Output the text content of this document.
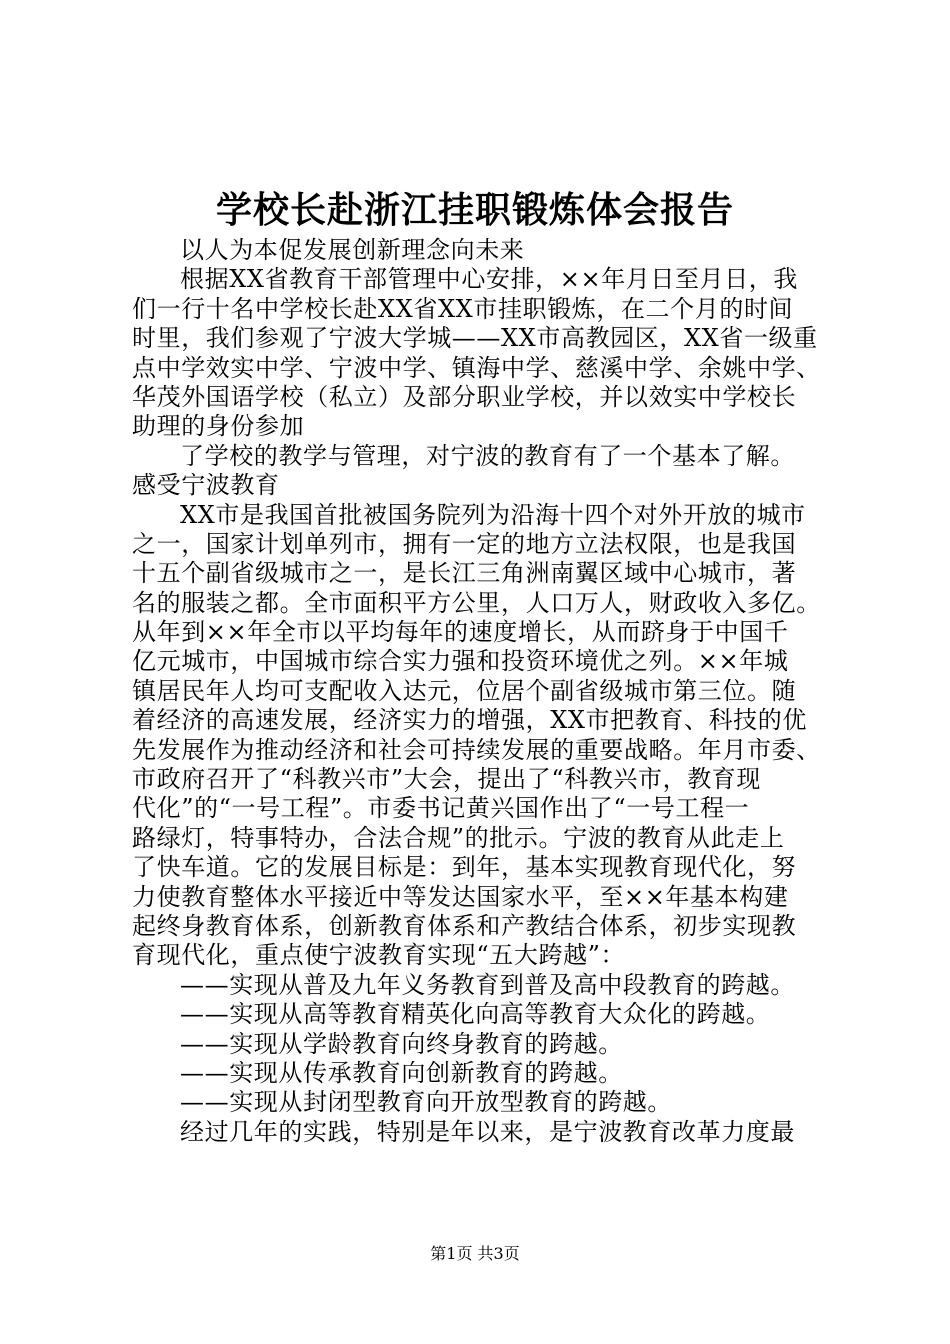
学校长赴浙江挂职锻炼体会报告
以人为本促发展创新理念向未来
根据XX省教育干部管理中心安排，××年月日至月日，我
们一行十名中学校长赴XX省XX市挂职锻炼，在二个月的时间
时里，我们参观了宁波大学城——XX市高教园区，XX省一级重
点中学效实中学、宁波中学、镇海中学、慈溪中学、余姚中学、
华茂外国语学校（私立）及部分职业学校，并以效实中学校长
助理的身份参加
了学校的教学与管理，对宁波的教育有了一个基本了解。
感受宁波教育
XX市是我国首批被国务院列为沿海十四个对外开放的城市
之一，国家计划单列市，拥有一定的地方立法权限，也是我国
十五个副省级城市之一，是长江三角洲南翼区域中心城市，著
名的服装之都。全市面积平方公里，人口万人，财政收入多亿。
从年到××年全市以平均每年的速度增长，从而跻身于中国千
亿元城市，中国城市综合实力强和投资环境优之列。××年城
镇居民年人均可支配收入达元，位居个副省级城市第三位。随
着经济的高速发展，经济实力的增强，XX市把教育、科技的优
先发展作为推动经济和社会可持续发展的重要战略。年月市委、
市政府召开了“科教兴市”大会，提出了“科教兴市，教育现
代化”的“一号工程”。市委书记黄兴国作出了“一号工程一
路绿灯，特事特办，合法合规”的批示。宁波的教育从此走上
了快车道。它的发展目标是：到年，基本实现教育现代化，努
力使教育整体水平接近中等发达国家水平，至××年基本构建
起终身教育体系，创新教育体系和产教结合体系，初步实现教
育现代化，重点使宁波教育实现“五大跨越”：
——实现从普及九年义务教育到普及高中段教育的跨越。
——实现从高等教育精英化向高等教育大众化的跨越。
——实现从学龄教育向终身教育的跨越。
——实现从传承教育向创新教育的跨越。
——实现从封闭型教育向开放型教育的跨越。
经过几年的实践，特别是年以来，是宁波教育改革力度最
第1页 共3页
